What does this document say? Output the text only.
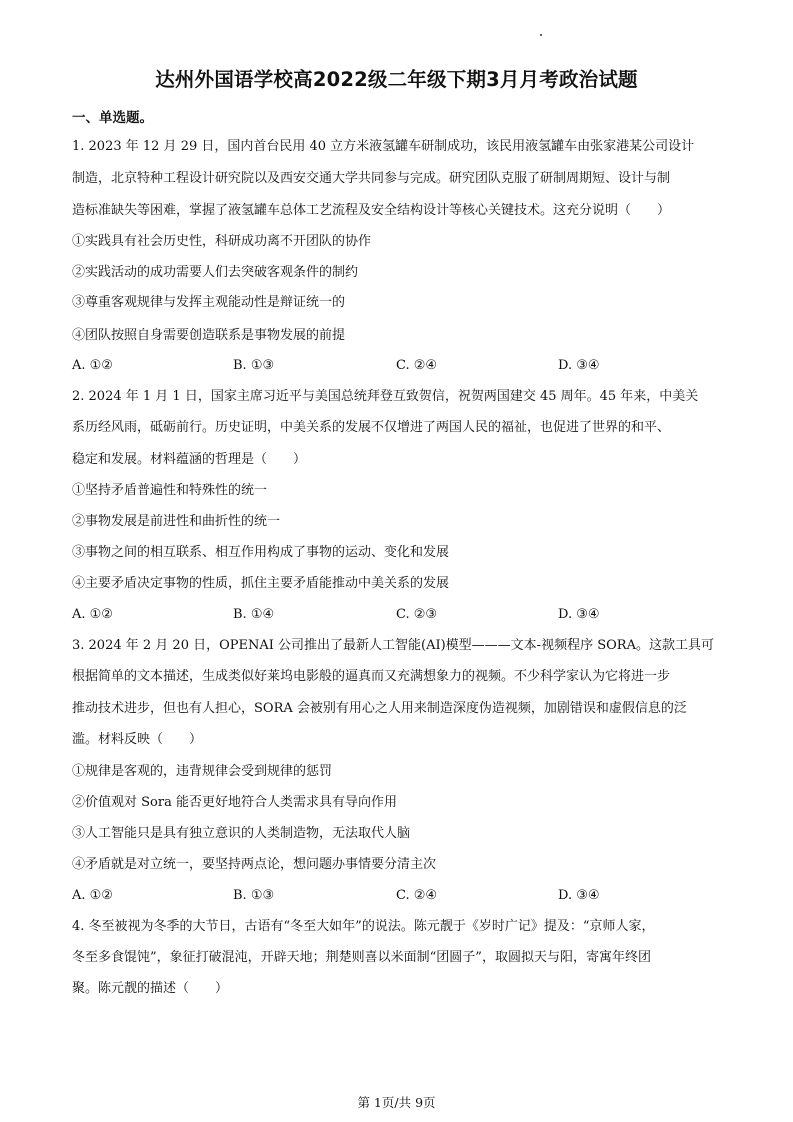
达州外国语学校高2022级二年级下期3月月考政治试题
一、单选题。
1. 2023 年 12 月 29 日，国内首台民用 40 立方米液氢罐车研制成功，该民用液氢罐车由张家港某公司设计
制造，北京特种工程设计研究院以及西安交通大学共同参与完成。研究团队克服了研制周期短、设计与制
造标准缺失等困难，掌握了液氢罐车总体工艺流程及安全结构设计等核心关键技术。这充分说明（　　）
①实践具有社会历史性，科研成功离不开团队的协作
②实践活动的成功需要人们去突破客观条件的制约
③尊重客观规律与发挥主观能动性是辩证统一的
④团队按照自身需要创造联系是事物发展的前提
A. ①②	B. ①③	C. ②④	D. ③④
2. 2024 年 1 月 1 日，国家主席习近平与美国总统拜登互致贺信，祝贺两国建交 45 周年。45 年来，中美关
系历经风雨，砥砺前行。历史证明，中美关系的发展不仅增进了两国人民的福祉，也促进了世界的和平、
稳定和发展。材料蕴涵的哲理是（　　）
①坚持矛盾普遍性和特殊性的统一
②事物发展是前进性和曲折性的统一
③事物之间的相互联系、相互作用构成了事物的运动、变化和发展
④主要矛盾决定事物的性质，抓住主要矛盾能推动中美关系的发展
A. ①②	B. ①④	C. ②③	D. ③④
3. 2024 年 2 月 20 日，OPENAI 公司推出了最新人工智能(AI)模型———文本-视频程序 SORA。这款工具可
根据简单的文本描述，生成类似好莱坞电影般的逼真而又充满想象力的视频。不少科学家认为它将进一步
推动技术进步，但也有人担心，SORA 会被别有用心之人用来制造深度伪造视频，加剧错误和虚假信息的泛
滥。材料反映（　　）
①规律是客观的，违背规律会受到规律的惩罚
②价值观对 Sora 能否更好地符合人类需求具有导向作用
③人工智能只是具有独立意识的人类制造物，无法取代人脑
④矛盾就是对立统一，要坚持两点论，想问题办事情要分清主次
A. ①②	B. ①③	C. ②④	D. ③④
4. 冬至被视为冬季的大节日，古语有“冬至大如年”的说法。陈元靓于《岁时广记》提及：“京师人家，
冬至多食馄饨”，象征打破混沌，开辟天地；荆楚则喜以米面制“团圆子”，取圆拟天与阳，寄寓年终团
聚。陈元靓的描述（　　）
第 1页/共 9页
